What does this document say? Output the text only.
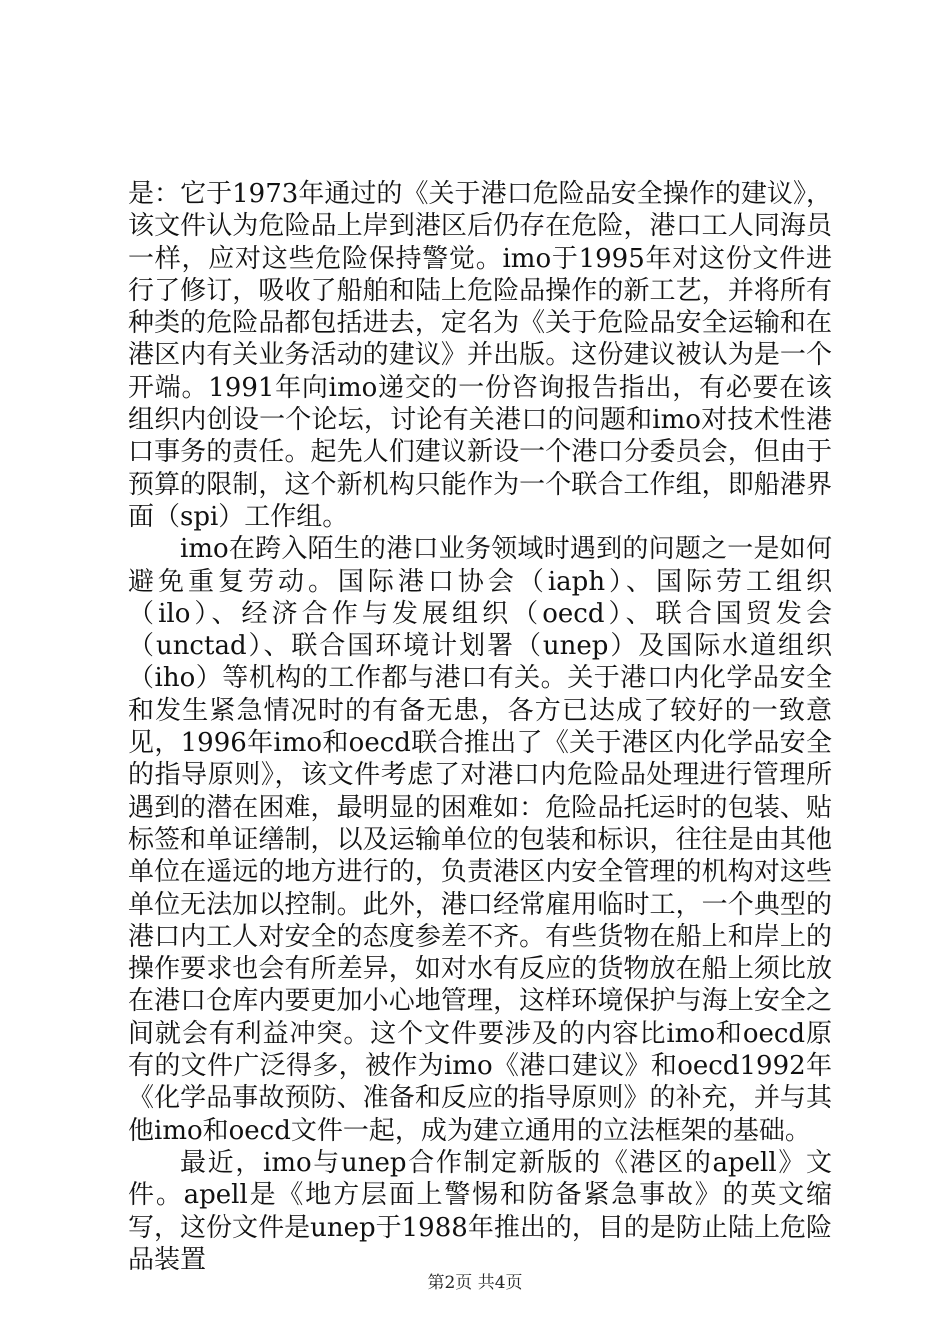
是：它于1973年通过的《关于港口危险品安全操作的建议》，该文件认为危险品上岸到港区后仍存在危险，港口工人同海员一样，应对这些危险保持警觉。imo于1995年对这份文件进行了修订，吸收了船舶和陆上危险品操作的新工艺，并将所有种类的危险品都包括进去，定名为《关于危险品安全运输和在港区内有关业务活动的建议》并出版。这份建议被认为是一个开端。1991年向imo递交的一份咨询报告指出，有必要在该组织内创设一个论坛，讨论有关港口的问题和imo对技术性港口事务的责任。起先人们建议新设一个港口分委员会，但由于预算的限制，这个新机构只能作为一个联合工作组，即船港界面（spi）工作组。

imo在跨入陌生的港口业务领域时遇到的问题之一是如何避免重复劳动。国际港口协会（iaph）、国际劳工组织（ilo）、经济合作与发展组织（oecd）、联合国贸发会（unctad）、联合国环境计划署（unep）及国际水道组织（iho）等机构的工作都与港口有关。关于港口内化学品安全和发生紧急情况时的有备无患，各方已达成了较好的一致意见，1996年imo和oecd联合推出了《关于港区内化学品安全的指导原则》，该文件考虑了对港口内危险品处理进行管理所遇到的潜在困难，最明显的困难如：危险品托运时的包装、贴标签和单证缮制，以及运输单位的包装和标识，往往是由其他单位在遥远的地方进行的，负责港区内安全管理的机构对这些单位无法加以控制。此外，港口经常雇用临时工，一个典型的港口内工人对安全的态度参差不齐。有些货物在船上和岸上的操作要求也会有所差异，如对水有反应的货物放在船上须比放在港口仓库内要更加小心地管理，这样环境保护与海上安全之间就会有利益冲突。这个文件要涉及的内容比imo和oecd原有的文件广泛得多，被作为imo《港口建议》和oecd1992年《化学品事故预防、准备和反应的指导原则》的补充，并与其他imo和oecd文件一起，成为建立通用的立法框架的基础。

最近，imo与unep合作制定新版的《港区的apell》文件。apell是《地方层面上警惕和防备紧急事故》的英文缩写，这份文件是unep于1988年推出的，目的是防止陆上危险品装置

第2页 共4页
